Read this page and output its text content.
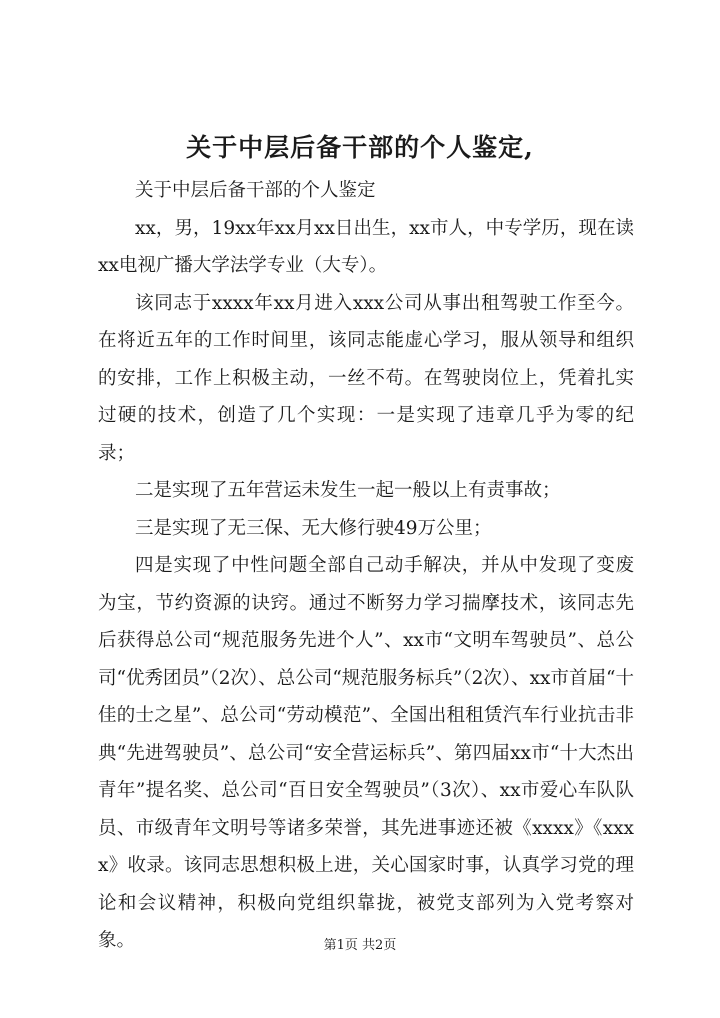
关于中层后备干部的个人鉴定,

关于中层后备干部的个人鉴定

xx，男，19xx年xx月xx日出生，xx市人，中专学历，现在读xx电视广播大学法学专业（大专）。

该同志于xxxx年xx月进入xxx公司从事出租驾驶工作至今。在将近五年的工作时间里，该同志能虚心学习，服从领导和组织的安排，工作上积极主动，一丝不苟。在驾驶岗位上，凭着扎实过硬的技术，创造了几个实现：一是实现了违章几乎为零的纪录；

二是实现了五年营运未发生一起一般以上有责事故；

三是实现了无三保、无大修行驶49万公里；

四是实现了中性问题全部自己动手解决，并从中发现了变废为宝，节约资源的诀窍。通过不断努力学习揣摩技术，该同志先后获得总公司“规范服务先进个人”、xx市“文明车驾驶员”、总公司“优秀团员”（2次）、总公司“规范服务标兵”（2次）、xx市首届“十佳的士之星”、总公司“劳动模范”、全国出租租赁汽车行业抗击非典“先进驾驶员”、总公司“安全营运标兵”、第四届xx市“十大杰出青年”提名奖、总公司“百日安全驾驶员”（3次）、xx市爱心车队队员、市级青年文明号等诸多荣誉，其先进事迹还被《xxxx》《xxxx》收录。该同志思想积极上进，关心国家时事，认真学习党的理论和会议精神，积极向党组织靠拢，被党支部列为入党考察对象。	第1页 共2页
